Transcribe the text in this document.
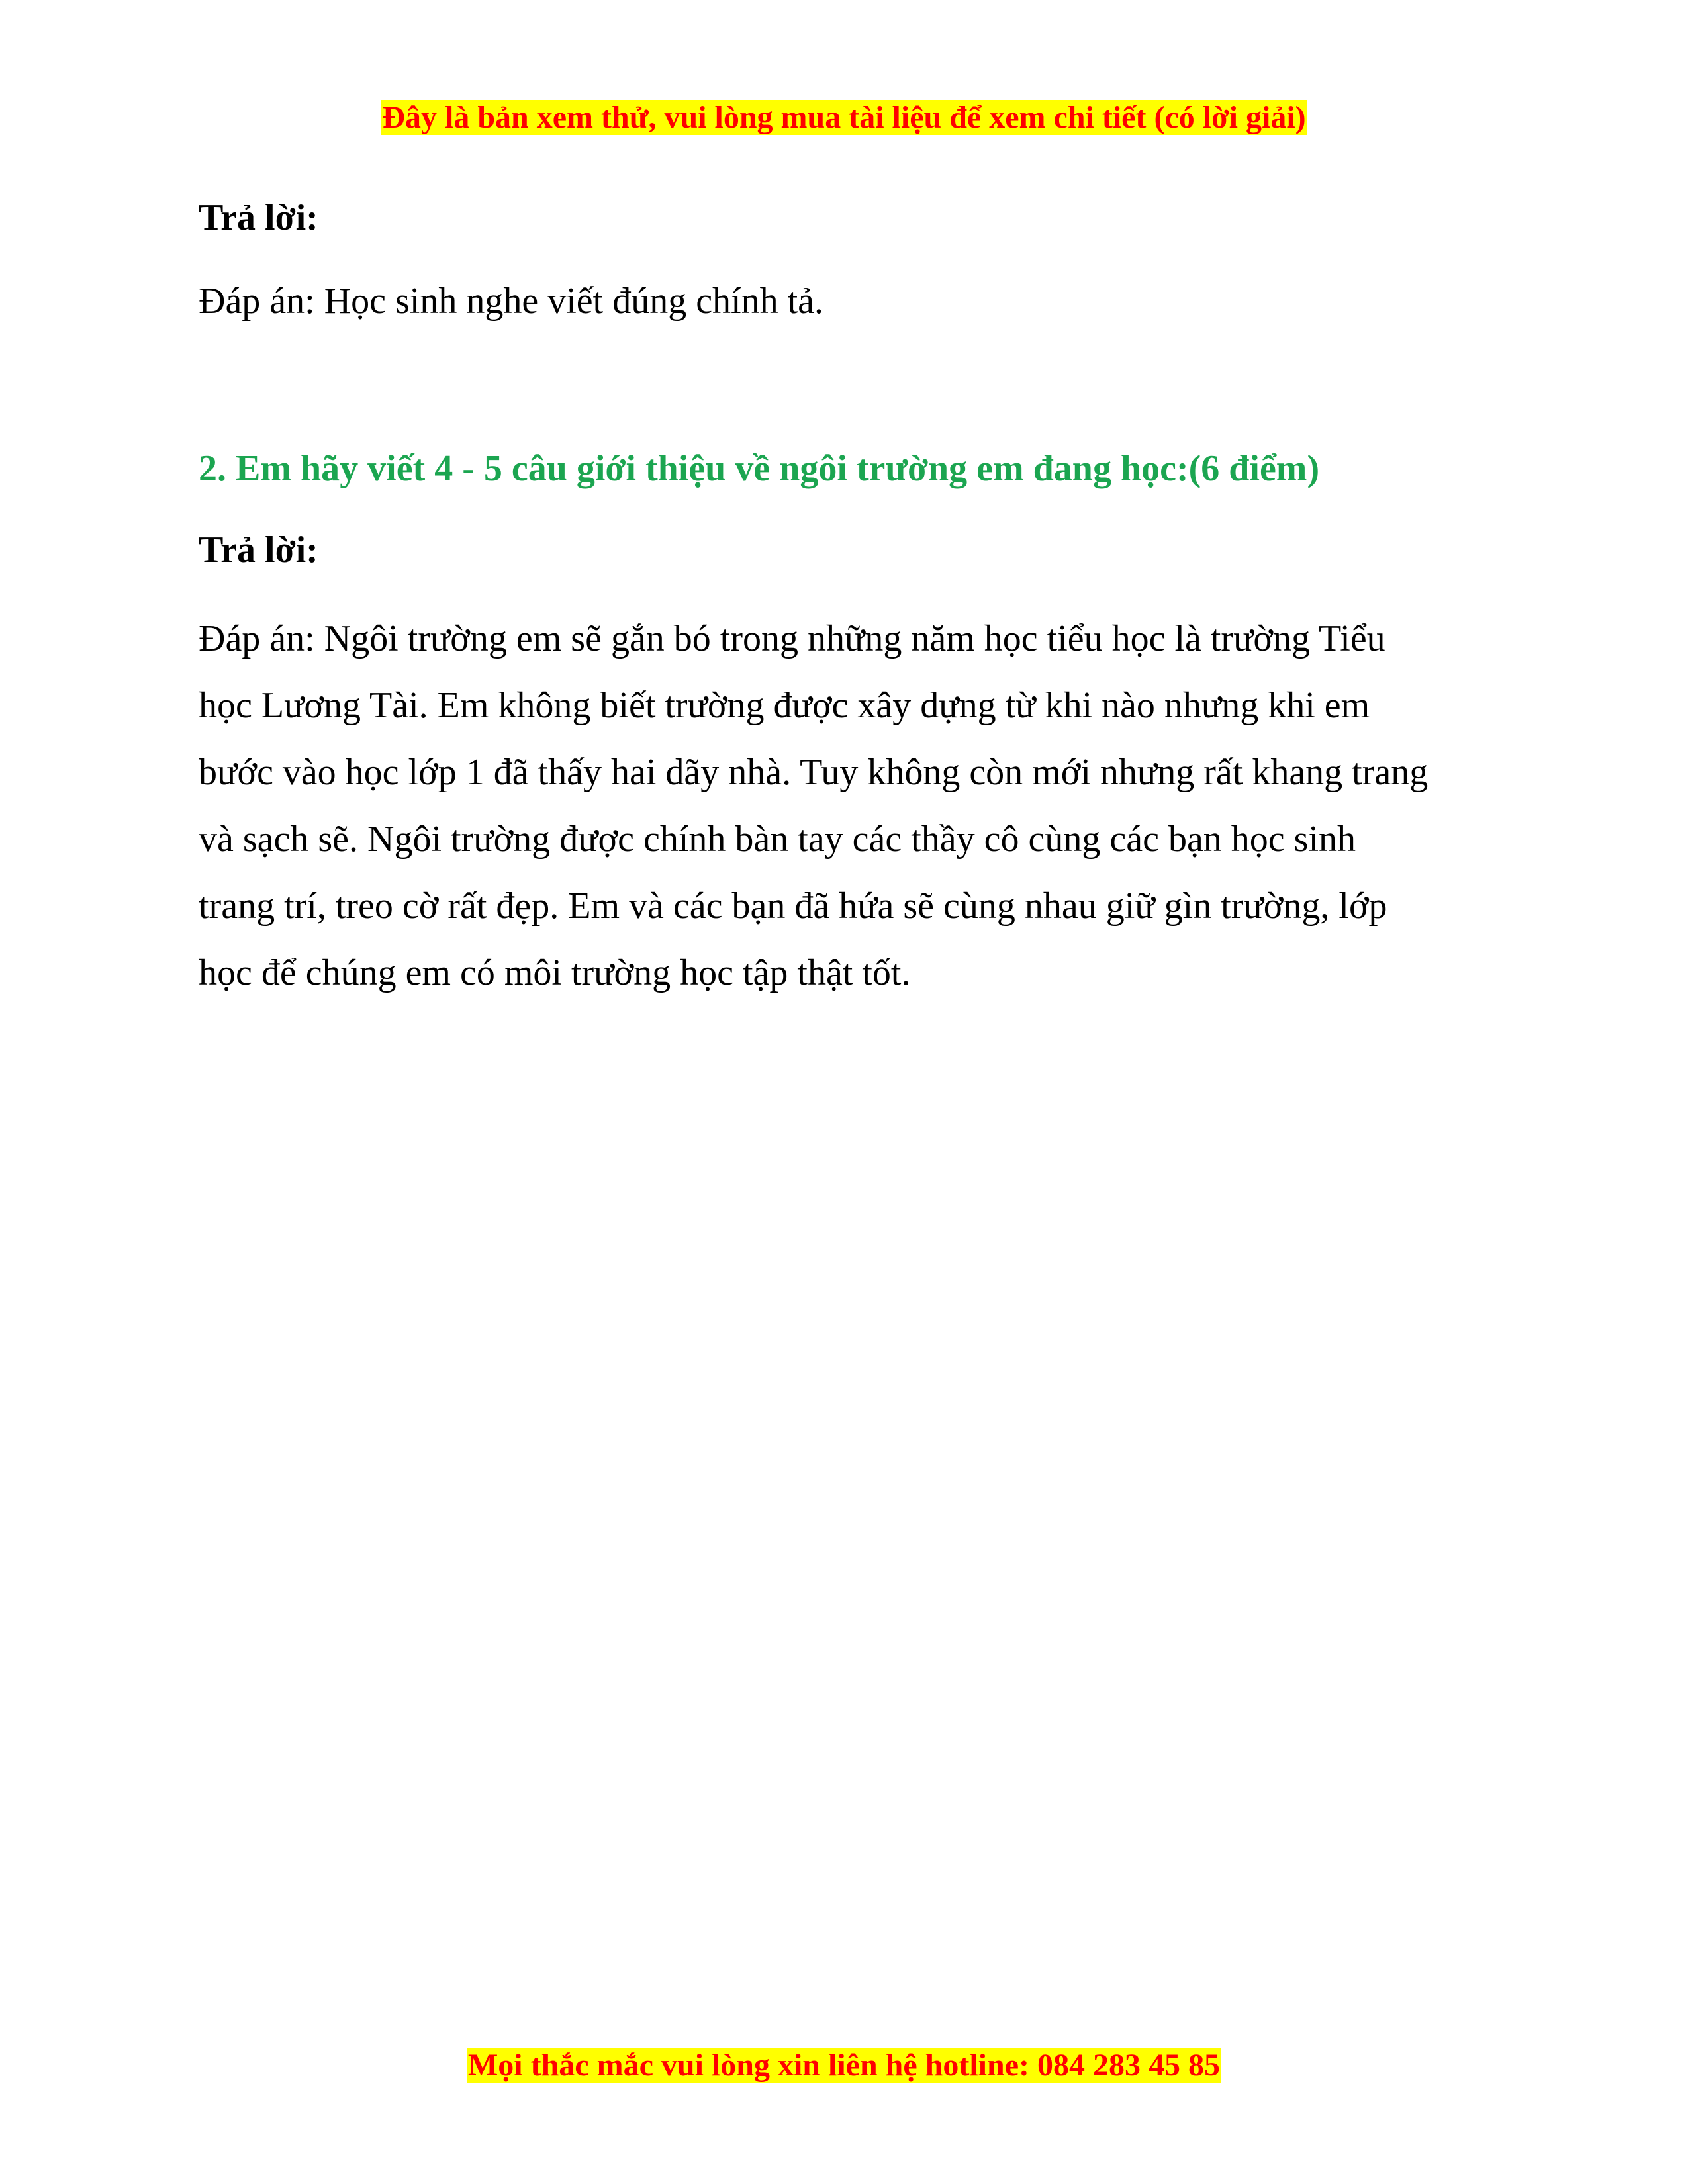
Đây là bản xem thử, vui lòng mua tài liệu để xem chi tiết (có lời giải)

Trả lời:

Đáp án: Học sinh nghe viết đúng chính tả.

2. Em hãy viết 4 - 5 câu giới thiệu về ngôi trường em đang học:(6 điểm)

Trả lời:

Đáp án: Ngôi trường em sẽ gắn bó trong những năm học tiểu học là trường Tiểu

học Lương Tài. Em không biết trường được xây dựng từ khi nào nhưng khi em

bước vào học lớp 1 đã thấy hai dãy nhà. Tuy không còn mới nhưng rất khang trang

và sạch sẽ. Ngôi trường được chính bàn tay các thầy cô cùng các bạn học sinh

trang trí, treo cờ rất đẹp. Em và các bạn đã hứa sẽ cùng nhau giữ gìn trường, lớp

học để chúng em có môi trường học tập thật tốt.

Mọi thắc mắc vui lòng xin liên hệ hotline: 084 283 45 85
